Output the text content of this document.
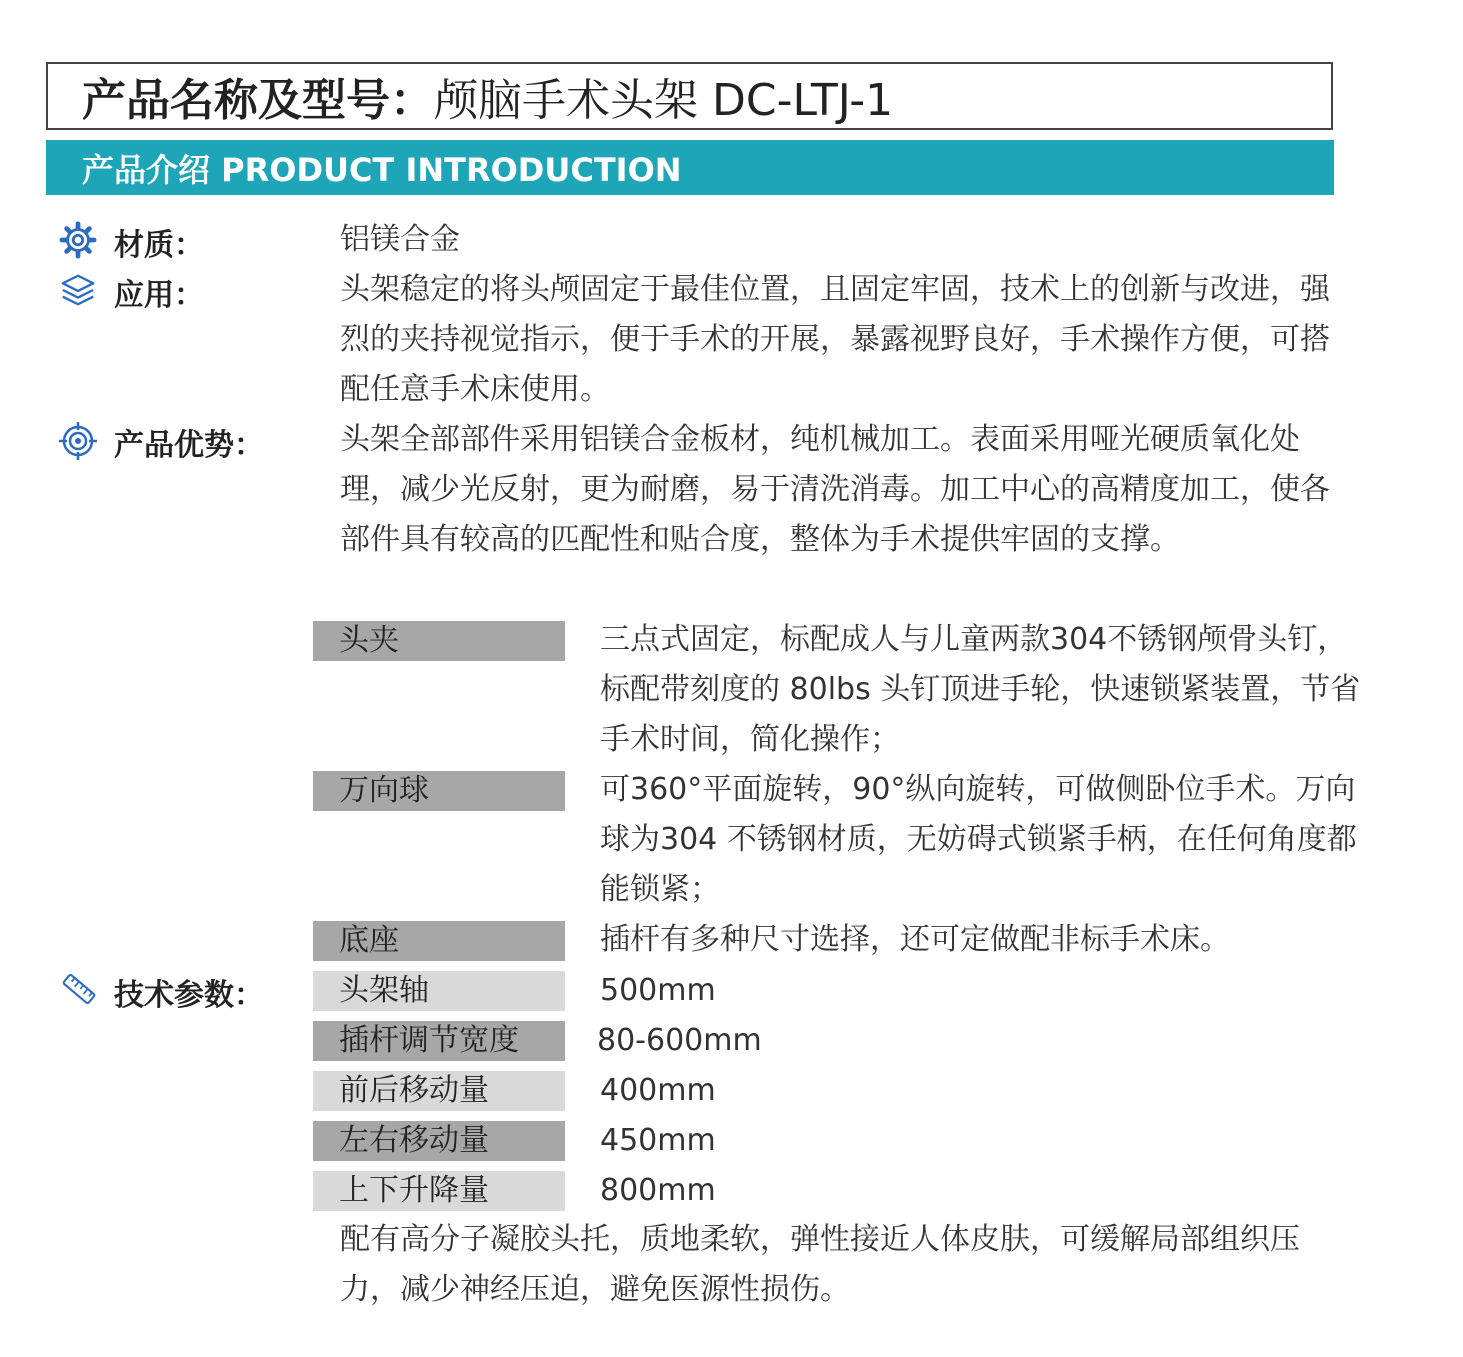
产品名称及型号： 颅脑手术头架 DC-LTJ-1
产品介绍 PRODUCT INTRODUCTION
材质：	铝镁合金
应用：	头架稳定的将头颅固定于最佳位置，且固定牢固，技术上的创新与改进，强烈的夹持视觉指示，便于手术的开展，暴露视野良好，手术操作方便，可搭配任意手术床使用。
产品优势：	头架全部部件采用铝镁合金板材，纯机械加工。表面采用哑光硬质氧化处理，减少光反射，更为耐磨，易于清洗消毒。加工中心的高精度加工，使各部件具有较高的匹配性和贴合度，整体为手术提供牢固的支撑。
头夹	三点式固定，标配成人与儿童两款304不锈钢颅骨头钉，标配带刻度的 80lbs 头钉顶进手轮，快速锁紧装置，节省手术时间，简化操作；
万向球	可360°平面旋转，90°纵向旋转，可做侧卧位手术。万向球为304 不锈钢材质，无妨碍式锁紧手柄，在任何角度都能锁紧；
底座	插杆有多种尺寸选择，还可定做配非标手术床。
技术参数：	头架轴	500mm
插杆调节宽度	80-600mm
前后移动量	400mm
左右移动量	450mm
上下升降量	800mm
配有高分子凝胶头托，质地柔软，弹性接近人体皮肤，可缓解局部组织压力，减少神经压迫，避免医源性损伤。
